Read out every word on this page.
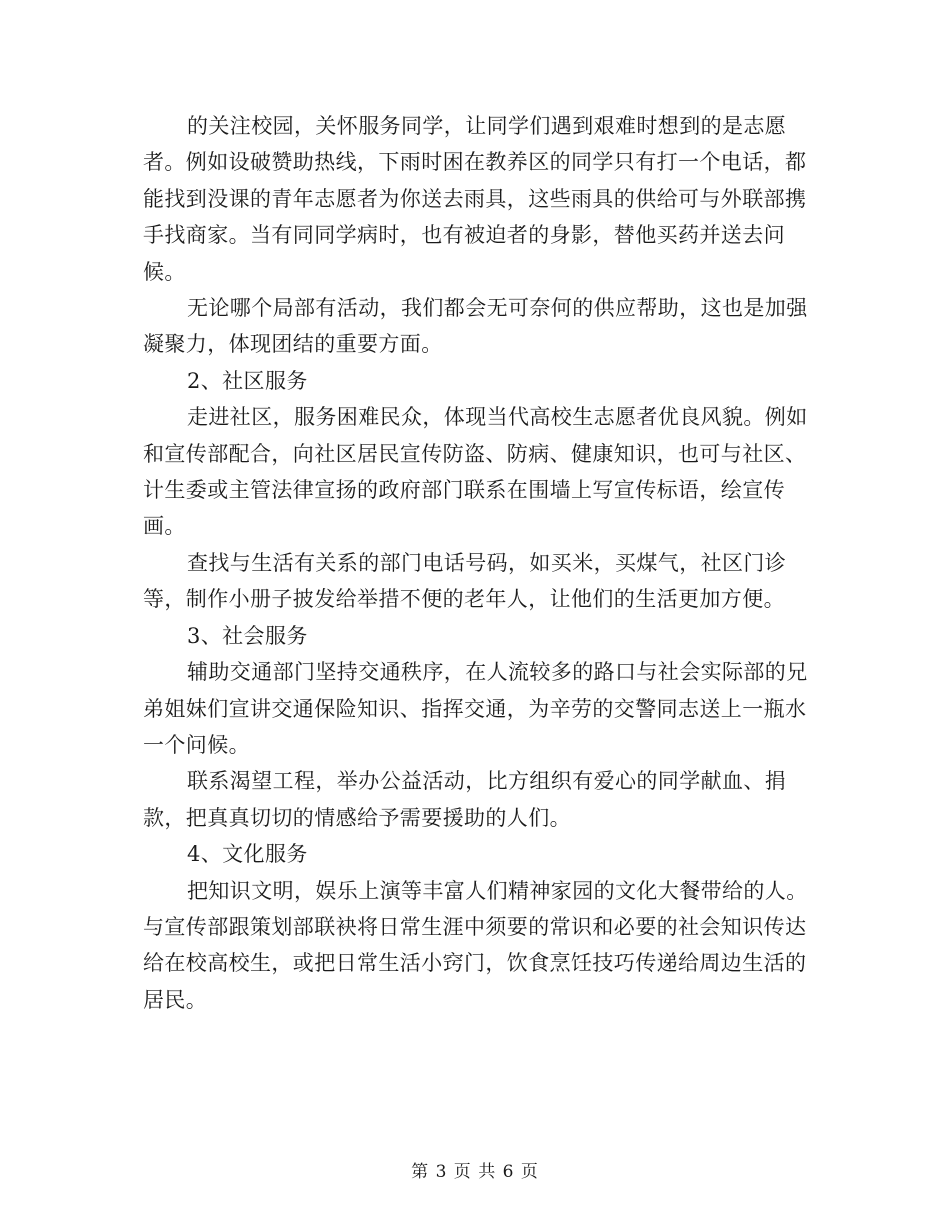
的关注校园，关怀服务同学，让同学们遇到艰难时想到的是志愿者。例如设破赞助热线，下雨时困在教养区的同学只有打一个电话，都能找到没课的青年志愿者为你送去雨具，这些雨具的供给可与外联部携手找商家。当有同同学病时，也有被迫者的身影，替他买药并送去问候。

无论哪个局部有活动，我们都会无可奈何的供应帮助，这也是加强凝聚力，体现团结的重要方面。

2、社区服务

走进社区，服务困难民众，体现当代高校生志愿者优良风貌。例如和宣传部配合，向社区居民宣传防盗、防病、健康知识，也可与社区、计生委或主管法律宣扬的政府部门联系在围墙上写宣传标语，绘宣传画。

查找与生活有关系的部门电话号码，如买米，买煤气，社区门诊等，制作小册子披发给举措不便的老年人，让他们的生活更加方便。

3、社会服务

辅助交通部门坚持交通秩序，在人流较多的路口与社会实际部的兄弟姐妹们宣讲交通保险知识、指挥交通，为辛劳的交警同志送上一瓶水一个问候。

联系渴望工程，举办公益活动，比方组织有爱心的同学献血、捐款，把真真切切的情感给予需要援助的人们。

4、文化服务

把知识文明，娱乐上演等丰富人们精神家园的文化大餐带给的人。与宣传部跟策划部联袂将日常生涯中须要的常识和必要的社会知识传达给在校高校生，或把日常生活小窍门，饮食烹饪技巧传递给周边生活的居民。

第 3 页 共 6 页
